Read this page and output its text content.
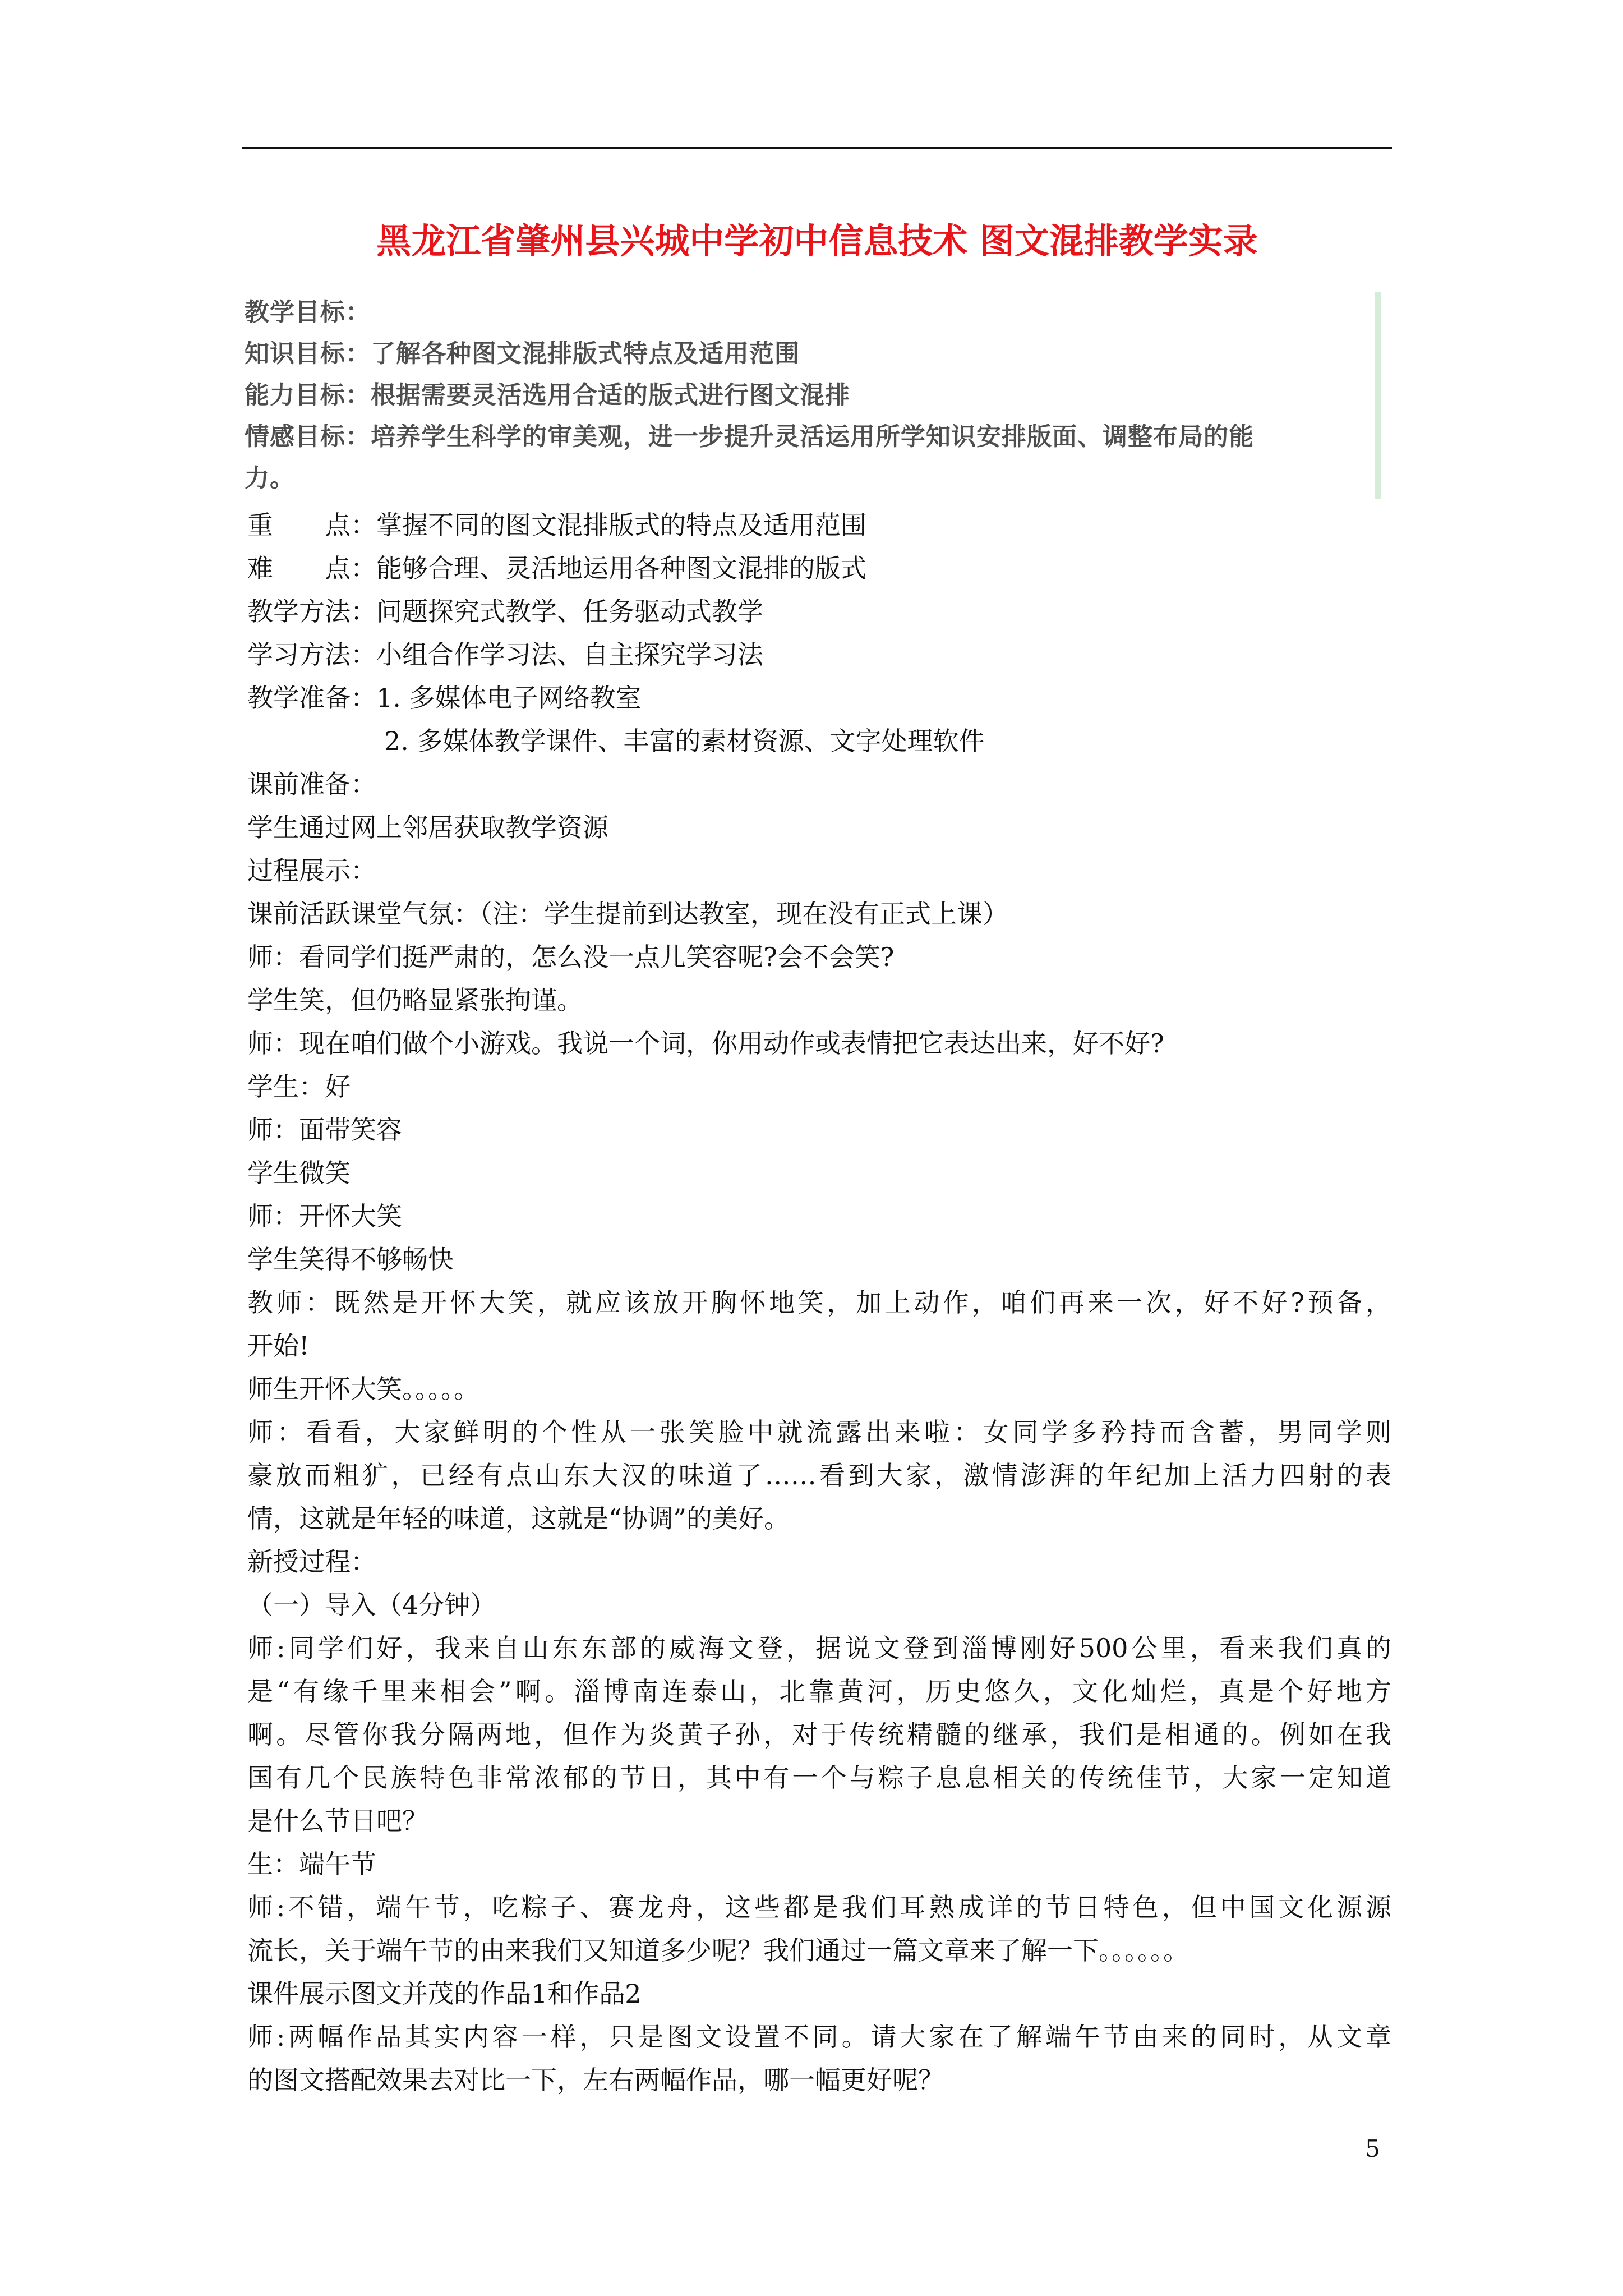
黑龙江省肇州县兴城中学初中信息技术 图文混排教学实录
教学目标：
知识目标：了解各种图文混排版式特点及适用范围
能力目标：根据需要灵活选用合适的版式进行图文混排
情感目标：培养学生科学的审美观，进一步提升灵活运用所学知识安排版面、调整布局的能
力。
重　　点：掌握不同的图文混排版式的特点及适用范围
难　　点：能够合理、灵活地运用各种图文混排的版式
教学方法：问题探究式教学、任务驱动式教学
学习方法：小组合作学习法、自主探究学习法
教学准备：1. 多媒体电子网络教室
2. 多媒体教学课件、丰富的素材资源、文字处理软件
课前准备：
学生通过网上邻居获取教学资源
过程展示：
课前活跃课堂气氛：（注：学生提前到达教室，现在没有正式上课）
师：看同学们挺严肃的，怎么没一点儿笑容呢?会不会笑?
学生笑，但仍略显紧张拘谨。
师：现在咱们做个小游戏。我说一个词，你用动作或表情把它表达出来，好不好?
学生：好
师：面带笑容
学生微笑
师：开怀大笑
学生笑得不够畅快
教师：既然是开怀大笑，就应该放开胸怀地笑，加上动作，咱们再来一次，好不好?预备，
开始!
师生开怀大笑。。。。。
师：看看，大家鲜明的个性从一张笑脸中就流露出来啦：女同学多矜持而含蓄，男同学则
豪放而粗犷，已经有点山东大汉的味道了……看到大家，激情澎湃的年纪加上活力四射的表
情，这就是年轻的味道，这就是“协调”的美好。
新授过程：
（一）导入（4分钟）
师:同学们好，我来自山东东部的威海文登，据说文登到淄博刚好500公里，看来我们真的
是“有缘千里来相会”啊。淄博南连泰山，北靠黄河，历史悠久，文化灿烂，真是个好地方
啊。尽管你我分隔两地，但作为炎黄子孙，对于传统精髓的继承，我们是相通的。例如在我
国有几个民族特色非常浓郁的节日，其中有一个与粽子息息相关的传统佳节，大家一定知道
是什么节日吧？
生：端午节
师:不错，端午节，吃粽子、赛龙舟，这些都是我们耳熟成详的节日特色，但中国文化源源
流长，关于端午节的由来我们又知道多少呢？我们通过一篇文章来了解一下。。。。。。
课件展示图文并茂的作品1和作品2
师:两幅作品其实内容一样，只是图文设置不同。请大家在了解端午节由来的同时，从文章
的图文搭配效果去对比一下，左右两幅作品，哪一幅更好呢？
5
